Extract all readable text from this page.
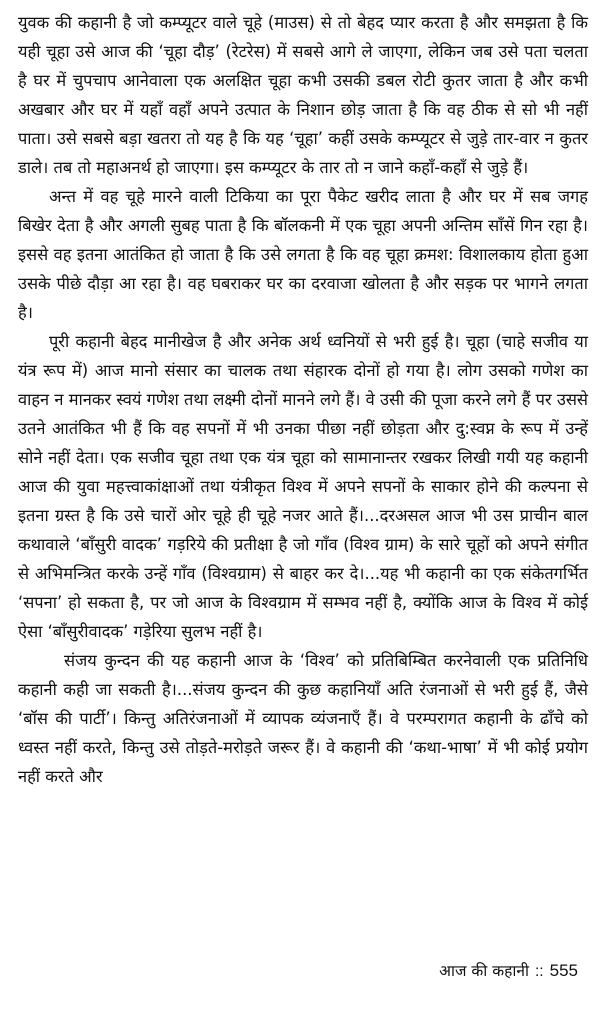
युवक की कहानी है जो कम्प्यूटर वाले चूहे (माउस) से तो बेहद प्यार करता है और समझता है कि यही चूहा उसे आज की ‘चूहा दौड़’ (रेटरेस) में सबसे आगे ले जाएगा, लेकिन जब उसे पता चलता है घर में चुपचाप आनेवाला एक अलक्षित चूहा कभी उसकी डबल रोटी कुतर जाता है और कभी अखबार और घर में यहाँ वहाँ अपने उत्पात के निशान छोड़ जाता है कि वह ठीक से सो भी नहीं पाता। उसे सबसे बड़ा खतरा तो यह है कि यह ‘चूहा’ कहीं उसके कम्प्यूटर से जुड़े तार-वार न कुतर डाले। तब तो महाअनर्थ हो जाएगा। इस कम्प्यूटर के तार तो न जाने कहाँ-कहाँ से जुड़े हैं।

अन्त में वह चूहे मारने वाली टिकिया का पूरा पैकेट खरीद लाता है और घर में सब जगह बिखेर देता है और अगली सुबह पाता है कि बॉलकनी में एक चूहा अपनी अन्तिम साँसें गिन रहा है। इससे वह इतना आतंकित हो जाता है कि उसे लगता है कि वह चूहा क्रमश: विशालकाय होता हुआ उसके पीछे दौड़ा आ रहा है। वह घबराकर घर का दरवाजा खोलता है और सड़क पर भागने लगता है।

पूरी कहानी बेहद मानीखेज है और अनेक अर्थ ध्वनियों से भरी हुई है। चूहा (चाहे सजीव या यंत्र रूप में) आज मानो संसार का चालक तथा संहारक दोनों हो गया है। लोग उसको गणेश का वाहन न मानकर स्वयं गणेश तथा लक्ष्मी दोनों मानने लगे हैं। वे उसी की पूजा करने लगे हैं पर उससे उतने आतंकित भी हैं कि वह सपनों में भी उनका पीछा नहीं छोड़ता और दु:स्वप्न के रूप में उन्हें सोने नहीं देता। एक सजीव चूहा तथा एक यंत्र चूहा को सामानान्तर रखकर लिखी गयी यह कहानी आज की युवा महत्त्वाकांक्षाओं तथा यंत्रीकृत विश्व में अपने सपनों के साकार होने की कल्पना से इतना ग्रस्त है कि उसे चारों ओर चूहे ही चूहे नजर आते हैं।...दरअसल आज भी उस प्राचीन बाल कथावाले ‘बाँसुरी वादक’ गड़रिये की प्रतीक्षा है जो गाँव (विश्व ग्राम) के सारे चूहों को अपने संगीत से अभिमन्त्रित करके उन्हें गाँव (विश्वग्राम) से बाहर कर दे।...यह भी कहानी का एक संकेतगर्भित ‘सपना’ हो सकता है, पर जो आज के विश्वग्राम में सम्भव नहीं है, क्योंकि आज के विश्व में कोई ऐसा ‘बाँसुरीवादक’ गड़ेरिया सुलभ नहीं है।

संजय कुन्दन की यह कहानी आज के ‘विश्व’ को प्रतिबिम्बित करनेवाली एक प्रतिनिधि कहानी कही जा सकती है।...संजय कुन्दन की कुछ कहानियाँ अति रंजनाओं से भरी हुई हैं, जैसे ‘बॉस की पार्टी’। किन्तु अतिरंजनाओं में व्यापक व्यंजनाएँ हैं। वे परम्परागत कहानी के ढाँचे को ध्वस्त नहीं करते, किन्तु उसे तोड़ते-मरोड़ते जरूर हैं। वे कहानी की ‘कथा-भाषा’ में भी कोई प्रयोग नहीं करते और

आज की कहानी :: 555
